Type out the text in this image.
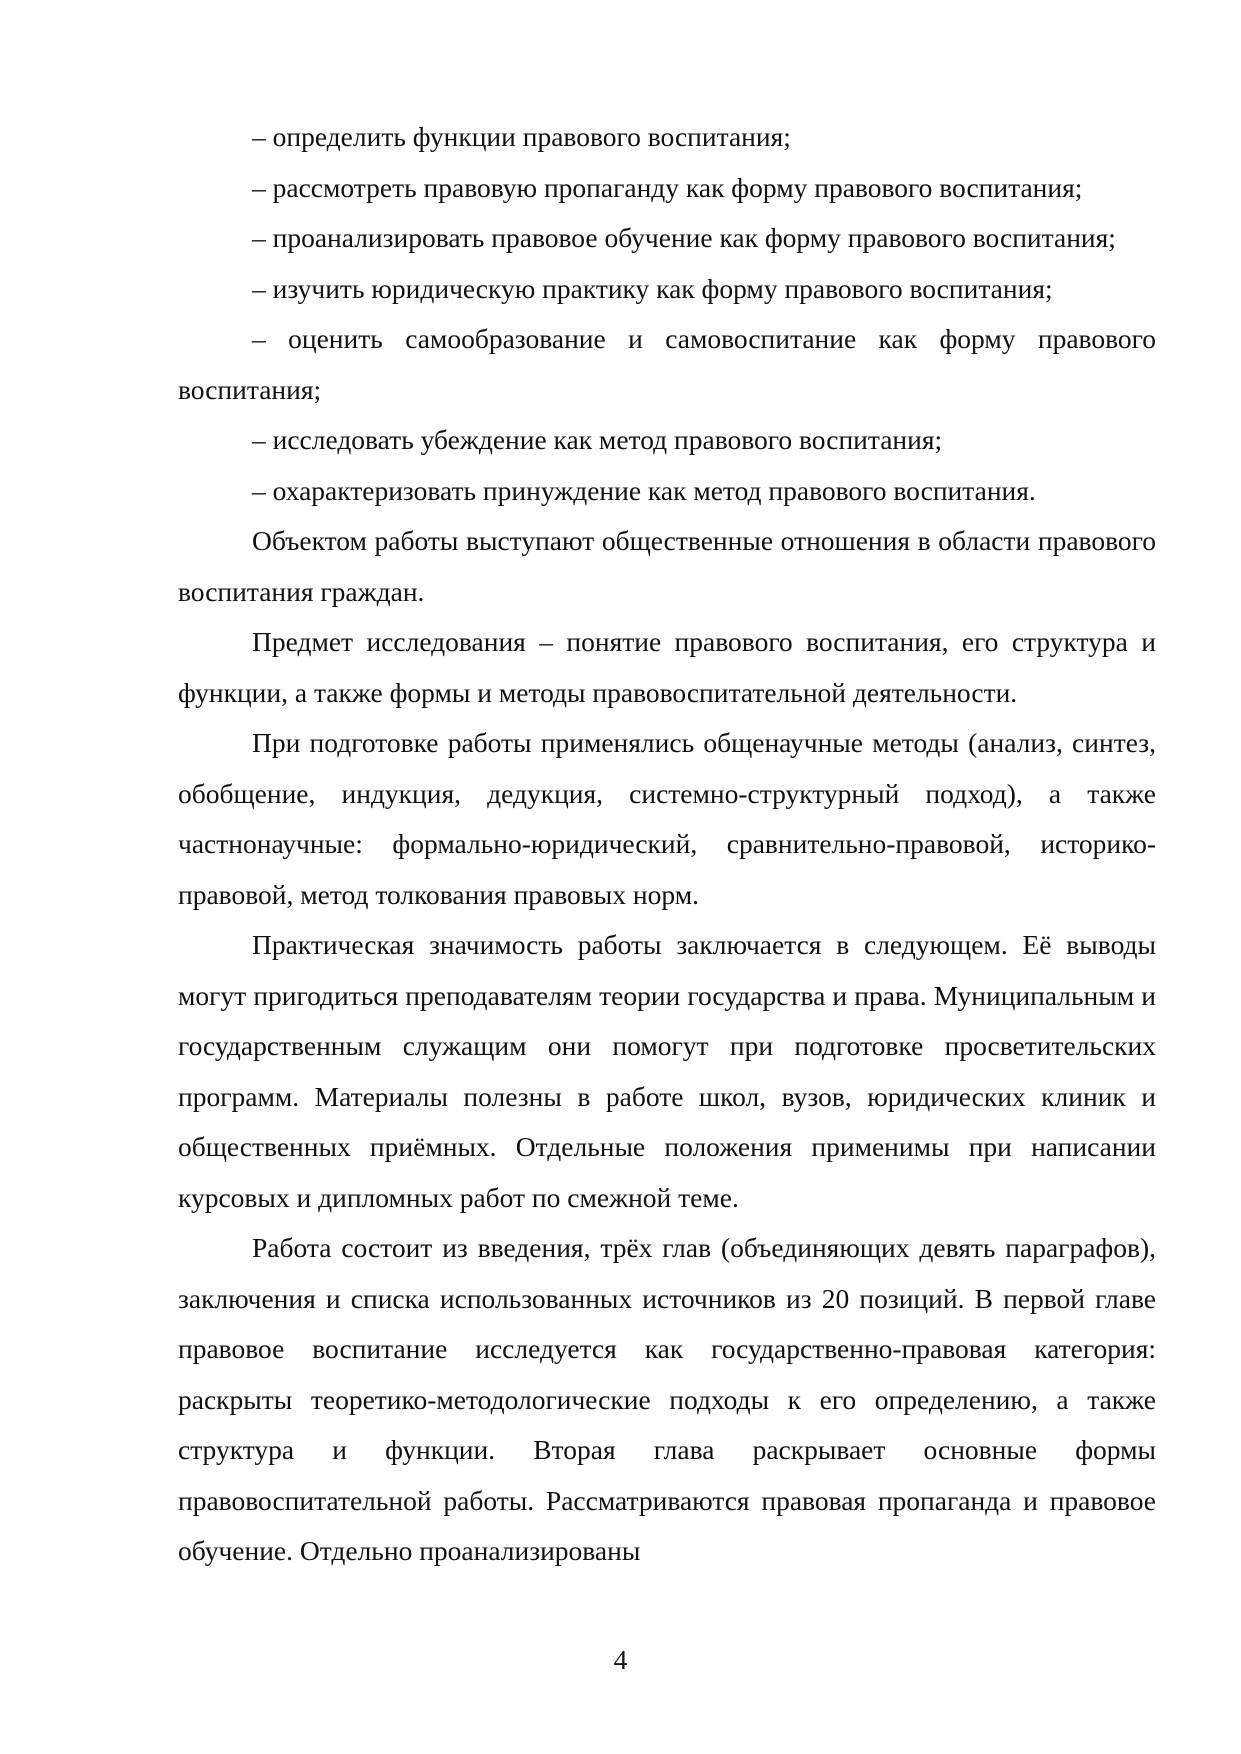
– определить функции правового воспитания;

– рассмотреть правовую пропаганду как форму правового воспитания;

– проанализировать правовое обучение как форму правового воспитания;

– изучить юридическую практику как форму правового воспитания;

– оценить самообразование и самовоспитание как форму правового воспитания;

– исследовать убеждение как метод правового воспитания;

– охарактеризовать принуждение как метод правового воспитания.

Объектом работы выступают общественные отношения в области правового воспитания граждан.

Предмет исследования – понятие правового воспитания, его структура и функции, а также формы и методы правовоспитательной деятельности.

При подготовке работы применялись общенаучные методы (анализ, синтез, обобщение, индукция, дедукция, системно-структурный подход), а также частнонаучные: формально-юридический, сравнительно-правовой, историко-правовой, метод толкования правовых норм.

Практическая значимость работы заключается в следующем. Её выводы могут пригодиться преподавателям теории государства и права. Муниципальным и государственным служащим они помогут при подготовке просветительских программ. Материалы полезны в работе школ, вузов, юридических клиник и общественных приёмных. Отдельные положения применимы при написании курсовых и дипломных работ по смежной теме.

Работа состоит из введения, трёх глав (объединяющих девять параграфов), заключения и списка использованных источников из 20 позиций. В первой главе правовое воспитание исследуется как государственно-правовая категория: раскрыты теоретико-методологические подходы к его определению, а также структура и функции. Вторая глава раскрывает основные формы правовоспитательной работы. Рассматриваются правовая пропаганда и правовое обучение. Отдельно проанализированы

4
